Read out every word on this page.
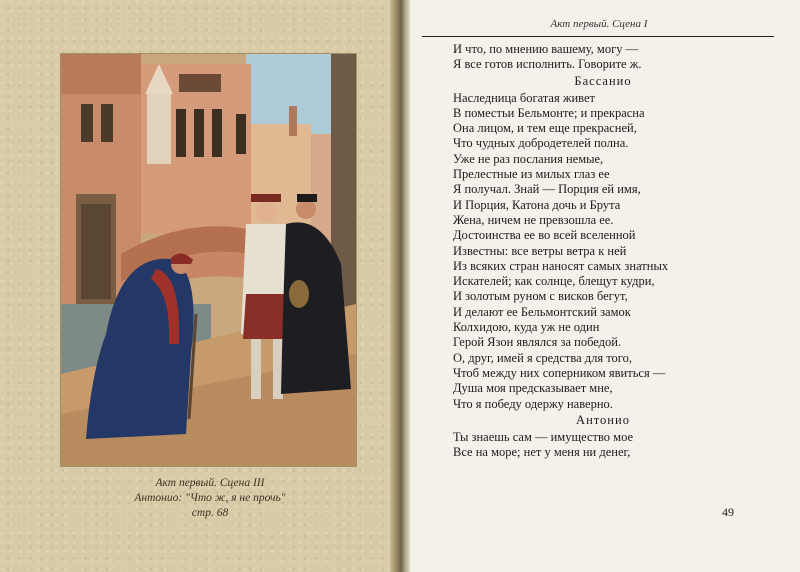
Акт первый. Сцена III
Антонио: "Что ж, я не прочь"
стр. 68
Акт первый. Сцена I
И что, по мнению вашему, могу —
Я все готов исполнить. Говорите ж.
Бассанио
Наследница богатая живет
В поместьи Бельмонте; и прекрасна
Она лицом, и тем еще прекрасней,
Что чудных добродетелей полна.
Уже не раз послания немые,
Прелестные из милых глаз ее
Я получал. Знай — Порция ей имя,
И Порция, Катона дочь и Брута
Жена, ничем не превзошла ее.
Достоинства ее во всей вселенной
Известны: все ветры ветра к ней
Из всяких стран наносят самых знатных
Искателей; как солнце, блещут кудри,
И золотым руном с висков бегут,
И делают ее Бельмонтский замок
Колхидою, куда уж не один
Герой Язон являлся за победой.
О, друг, имей я средства для того,
Чтоб между них соперником явиться —
Душа моя предсказывает мне,
Что я победу одержу наверно.
Антонио
Ты знаешь сам — имущество мое
Все на море; нет у меня ни денег,
49
